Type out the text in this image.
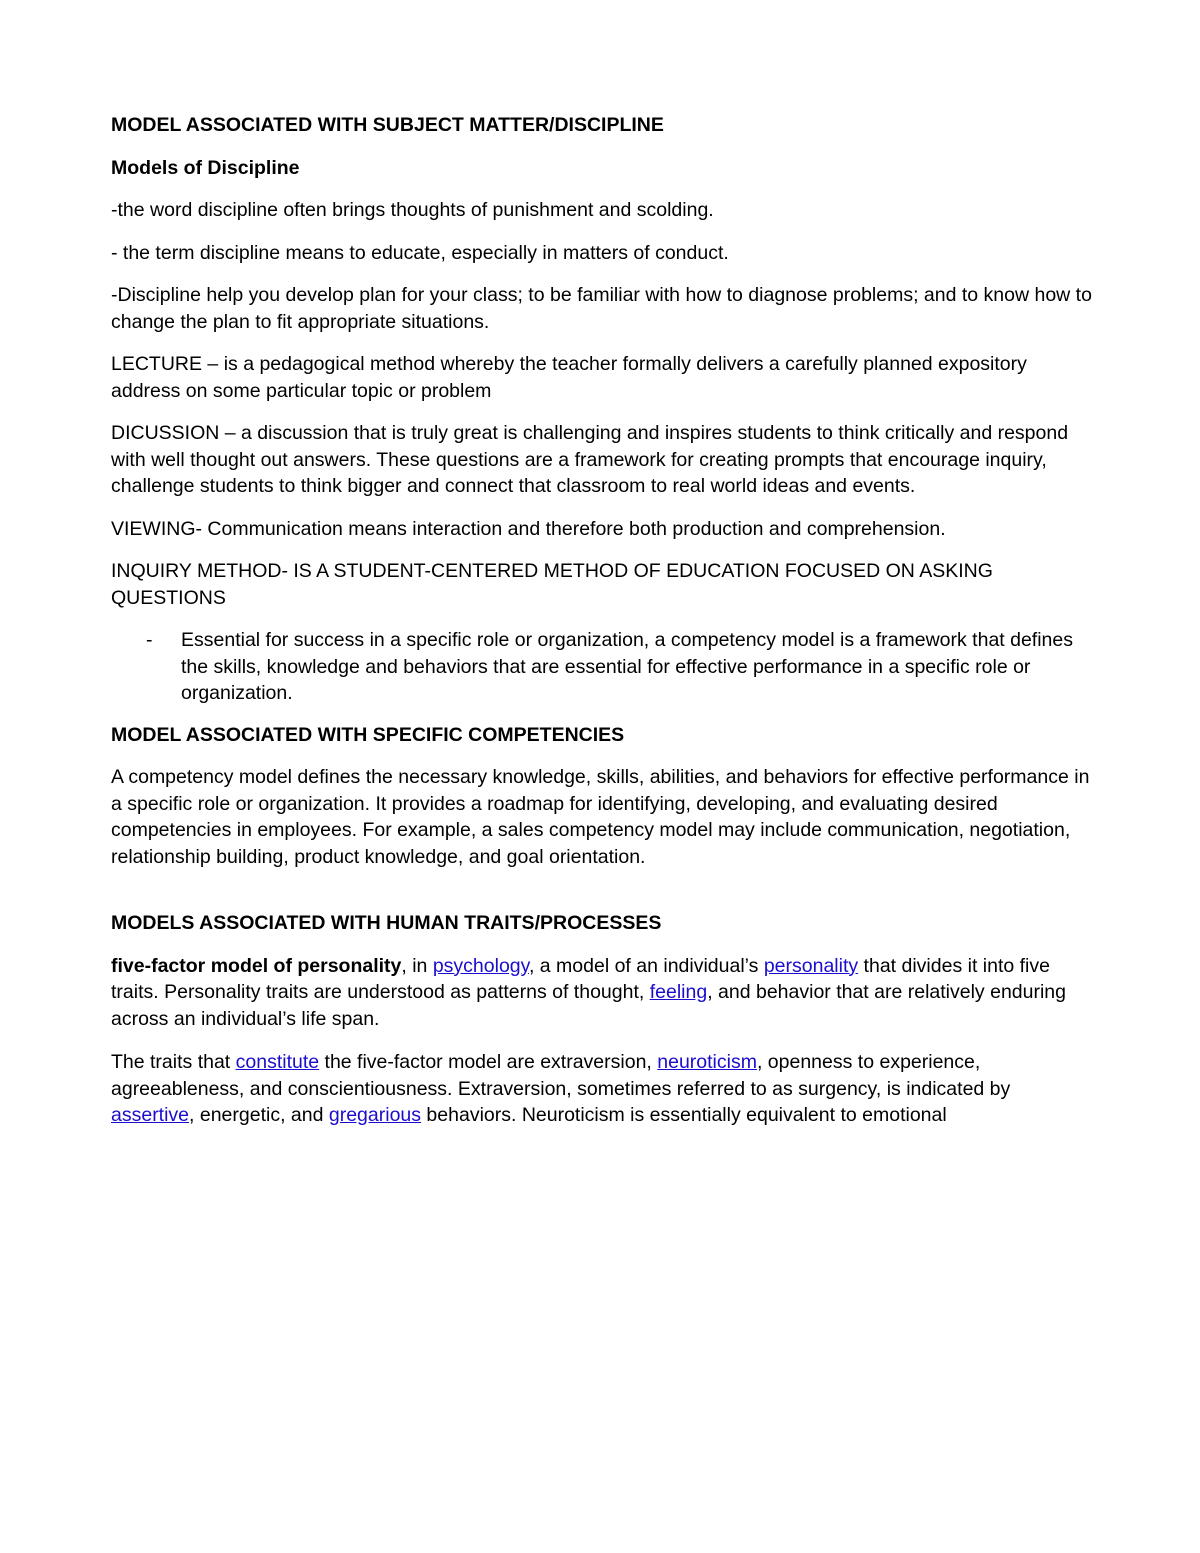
MODEL ASSOCIATED WITH SUBJECT MATTER/DISCIPLINE

Models of Discipline

-the word discipline often brings thoughts of punishment and scolding.

- the term discipline means to educate, especially in matters of conduct.

-Discipline help you develop plan for your class; to be familiar with how to diagnose problems; and to know how to change the plan to fit appropriate situations.

LECTURE – is a pedagogical method whereby the teacher formally delivers a carefully planned expository address on some particular topic or problem

DICUSSION – a discussion that is truly great is challenging and inspires students to think critically and respond with well thought out answers. These questions are a framework for creating prompts that encourage inquiry, challenge students to think bigger and connect that classroom to real world ideas and events.

VIEWING- Communication means interaction and therefore both production and comprehension.

INQUIRY METHOD- IS A STUDENT-CENTERED METHOD OF EDUCATION FOCUSED ON ASKING QUESTIONS

-	Essential for success in a specific role or organization, a competency model is a framework that defines the skills, knowledge and behaviors that are essential for effective performance in a specific role or organization.

MODEL ASSOCIATED WITH SPECIFIC COMPETENCIES

A competency model defines the necessary knowledge, skills, abilities, and behaviors for effective performance in a specific role or organization. It provides a roadmap for identifying, developing, and evaluating desired competencies in employees. For example, a sales competency model may include communication, negotiation, relationship building, product knowledge, and goal orientation.

MODELS ASSOCIATED WITH HUMAN TRAITS/PROCESSES

five-factor model of personality, in psychology, a model of an individual’s personality that divides it into five traits. Personality traits are understood as patterns of thought, feeling, and behavior that are relatively enduring across an individual’s life span.

The traits that constitute the five-factor model are extraversion, neuroticism, openness to experience, agreeableness, and conscientiousness. Extraversion, sometimes referred to as surgency, is indicated by assertive, energetic, and gregarious behaviors. Neuroticism is essentially equivalent to emotional
